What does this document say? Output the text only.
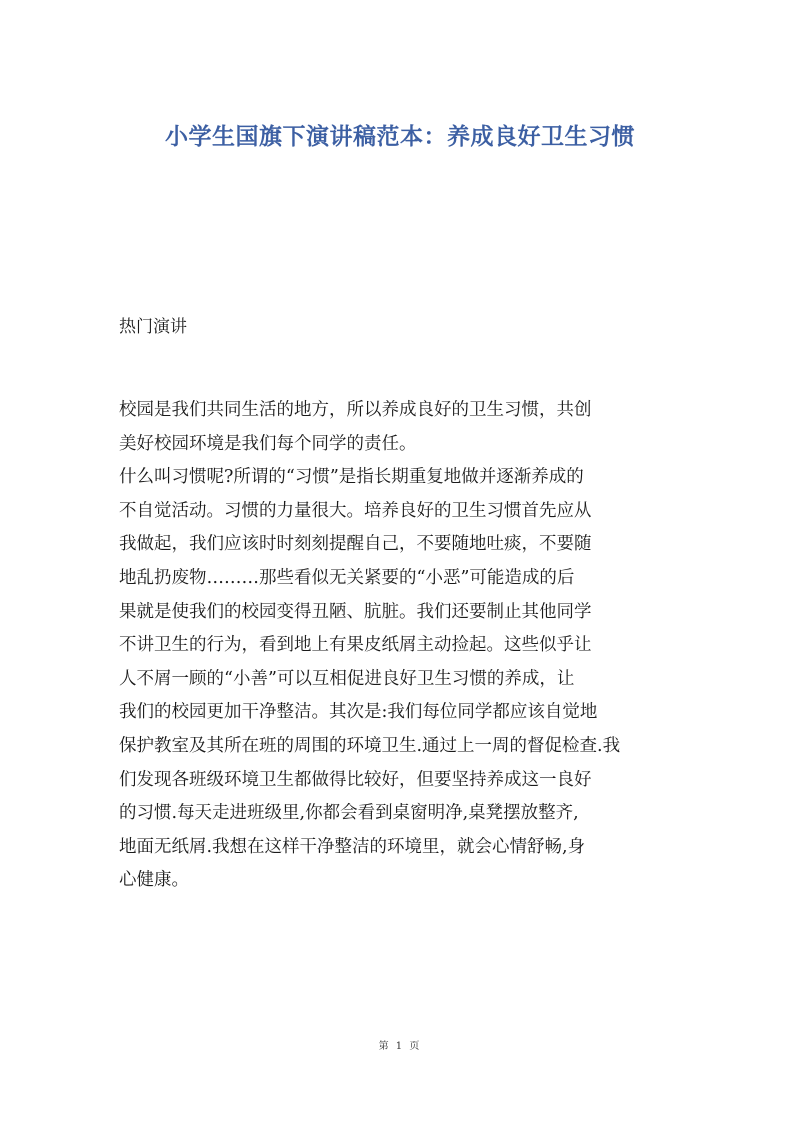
小学生国旗下演讲稿范本：养成良好卫生习惯
热门演讲
校园是我们共同生活的地方，所以养成良好的卫生习惯，共创
美好校园环境是我们每个同学的责任。
什么叫习惯呢?所谓的“习惯”是指长期重复地做并逐渐养成的
不自觉活动。习惯的力量很大。培养良好的卫生习惯首先应从
我做起，我们应该时时刻刻提醒自己，不要随地吐痰，不要随
地乱扔废物………那些看似无关紧要的“小恶”可能造成的后
果就是使我们的校园变得丑陋、肮脏。我们还要制止其他同学
不讲卫生的行为，看到地上有果皮纸屑主动捡起。这些似乎让
人不屑一顾的“小善”可以互相促进良好卫生习惯的养成，让
我们的校园更加干净整洁。其次是:我们每位同学都应该自觉地
保护教室及其所在班的周围的环境卫生.通过上一周的督促检查.我
们发现各班级环境卫生都做得比较好，但要坚持养成这一良好
的习惯.每天走进班级里,你都会看到桌窗明净,桌凳摆放整齐,
地面无纸屑.我想在这样干净整洁的环境里，就会心情舒畅,身
心健康。
第 1 页
